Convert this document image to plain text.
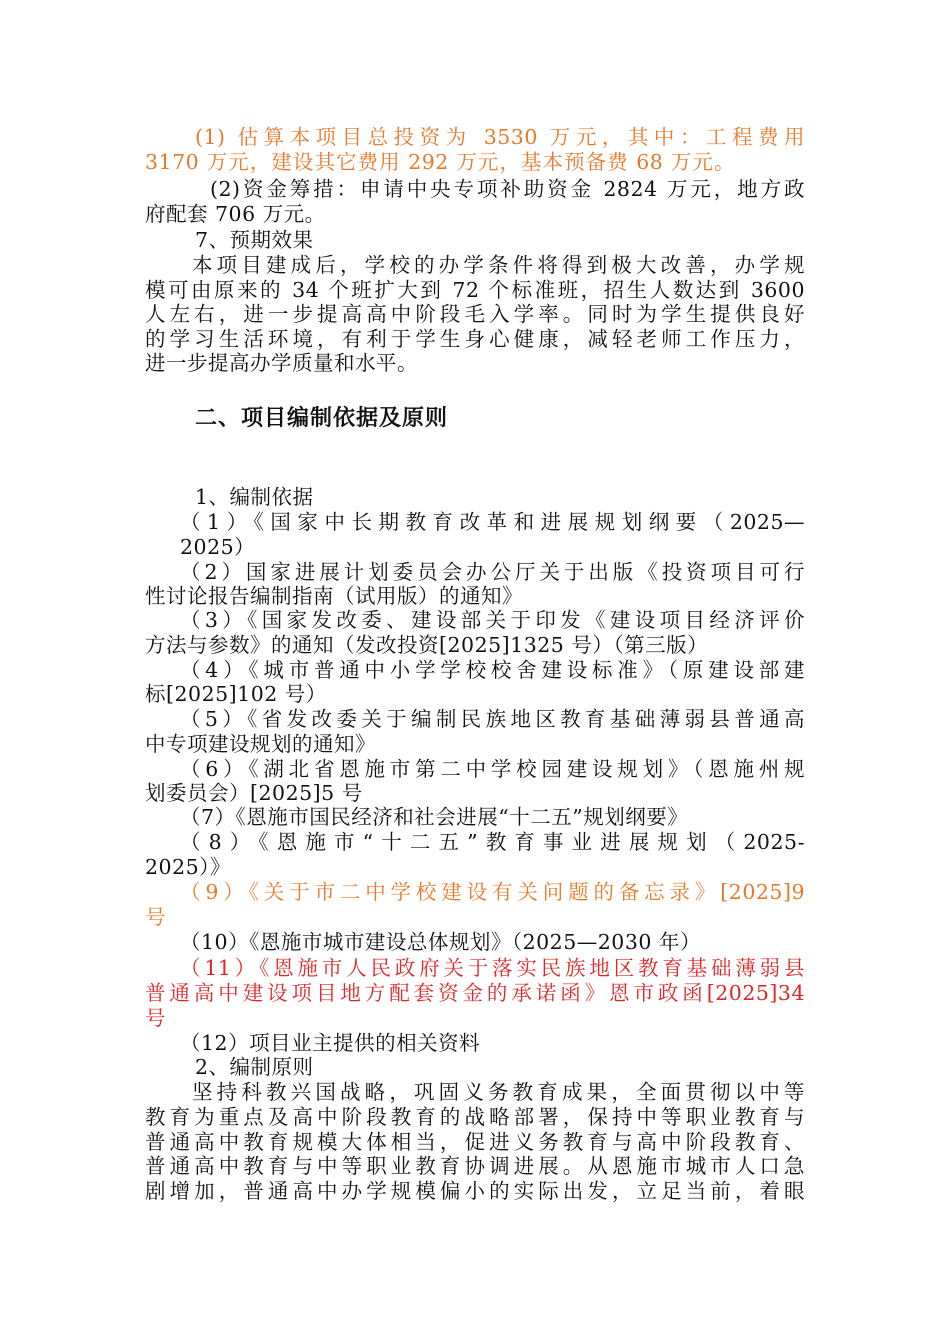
(1) 估算本项目总投资为 3530 万元，其中：工程费用
3170 万元，建设其它费用 292 万元，基本预备费 68 万元。
(2)资金筹措：申请中央专项补助资金 2824 万元，地方政
府配套 706 万元。
7、预期效果
本项目建成后，学校的办学条件将得到极大改善，办学规
模可由原来的 34 个班扩大到 72 个标准班，招生人数达到 3600
人左右，进一步提高高中阶段毛入学率。同时为学生提供良好
的学习生活环境，有利于学生身心健康，减轻老师工作压力，
进一步提高办学质量和水平。
二、项目编制依据及原则
1、编制依据
（1）《国家中长期教育改革和进展规划纲要（2025—
2025）
（2）国家进展计划委员会办公厅关于出版《投资项目可行
性讨论报告编制指南（试用版）的通知》
（3）《国家发改委、建设部关于印发《建设项目经济评价
方法与参数》的通知（发改投资[2025]1325 号）（第三版）
（4）《城市普通中小学学校校舍建设标准》（原建设部建
标[2025]102 号）
（5）《省发改委关于编制民族地区教育基础薄弱县普通高
中专项建设规划的通知》
（6）《湖北省恩施市第二中学校园建设规划》（恩施州规
划委员会）[2025]5 号
（7）《恩施市国民经济和社会进展“十二五”规划纲要》
（8）《恩施市“十二五”教育事业进展规划（2025-
2025）》
（9）《关于市二中学校建设有关问题的备忘录》[2025]9
号
（10）《恩施市城市建设总体规划》（2025—2030 年）
（11）《恩施市人民政府关于落实民族地区教育基础薄弱县
普通高中建设项目地方配套资金的承诺函》恩市政函[2025]34
号
（12）项目业主提供的相关资料
2、编制原则
坚持科教兴国战略，巩固义务教育成果，全面贯彻以中等
教育为重点及高中阶段教育的战略部署，保持中等职业教育与
普通高中教育规模大体相当，促进义务教育与高中阶段教育、
普通高中教育与中等职业教育协调进展。从恩施市城市人口急
剧增加，普通高中办学规模偏小的实际出发，立足当前，着眼
